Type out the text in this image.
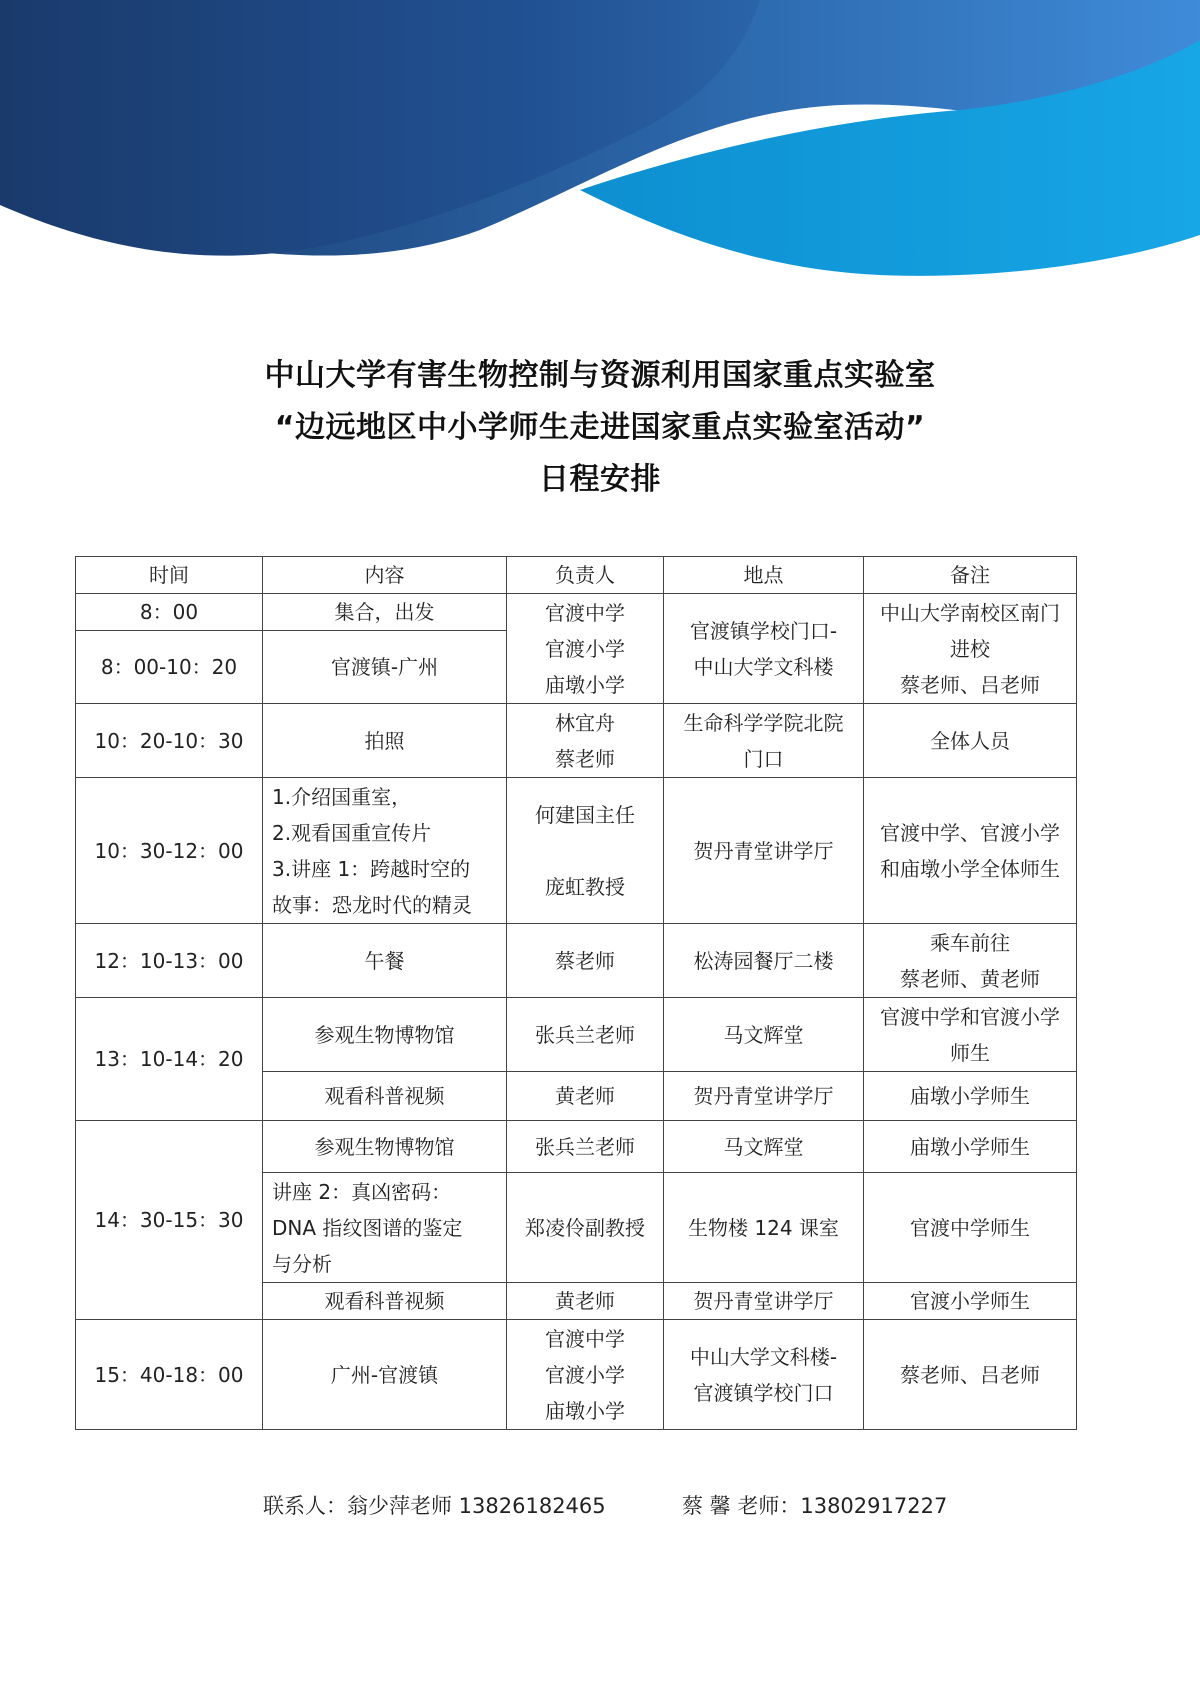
中山大学有害生物控制与资源利用国家重点实验室
“边远地区中小学师生走进国家重点实验室活动”
日程安排
时间	内容	负责人	地点	备注
8：00	集合，出发	官渡中学
官渡小学
庙墩小学	官渡镇学校门口-
中山大学文科楼	中山大学南校区南门
进校
蔡老师、吕老师

8：00-10：20	官渡镇-广州			
10：20-10：30	拍照	林宜舟
蔡老师	生命科学学院北院
门口	全体人员
10：30-12：00	1.介绍国重室，
2.观看国重宣传片
3.讲座 1：跨越时空的
故事：恐龙时代的精灵	何建国主任
庞虹教授	贺丹青堂讲学厅	官渡中学、官渡小学
和庙墩小学全体师生

12：10-13：00	午餐	蔡老师	松涛园餐厅二楼	乘车前往
蔡老师、黄老师

13：10-14：20	参观生物博物馆	张兵兰老师	马文辉堂	官渡中学和官渡小学
师生

	观看科普视频	黄老师	贺丹青堂讲学厅	庙墩小学师生
14：30-15：30	参观生物博物馆	张兵兰老师	马文辉堂	庙墩小学师生

	讲座 2：真凶密码：
DNA 指纹图谱的鉴定
与分析	郑凌伶副教授	生物楼 124 课室	官渡中学师生
	观看科普视频	黄老师	贺丹青堂讲学厅	官渡小学师生
15：40-18：00	广州-官渡镇	官渡中学
官渡小学
庙墩小学	中山大学文科楼-
官渡镇学校门口	蔡老师、吕老师
联系人：翁少萍老师 13826182465	蔡 馨 老师：13802917227
